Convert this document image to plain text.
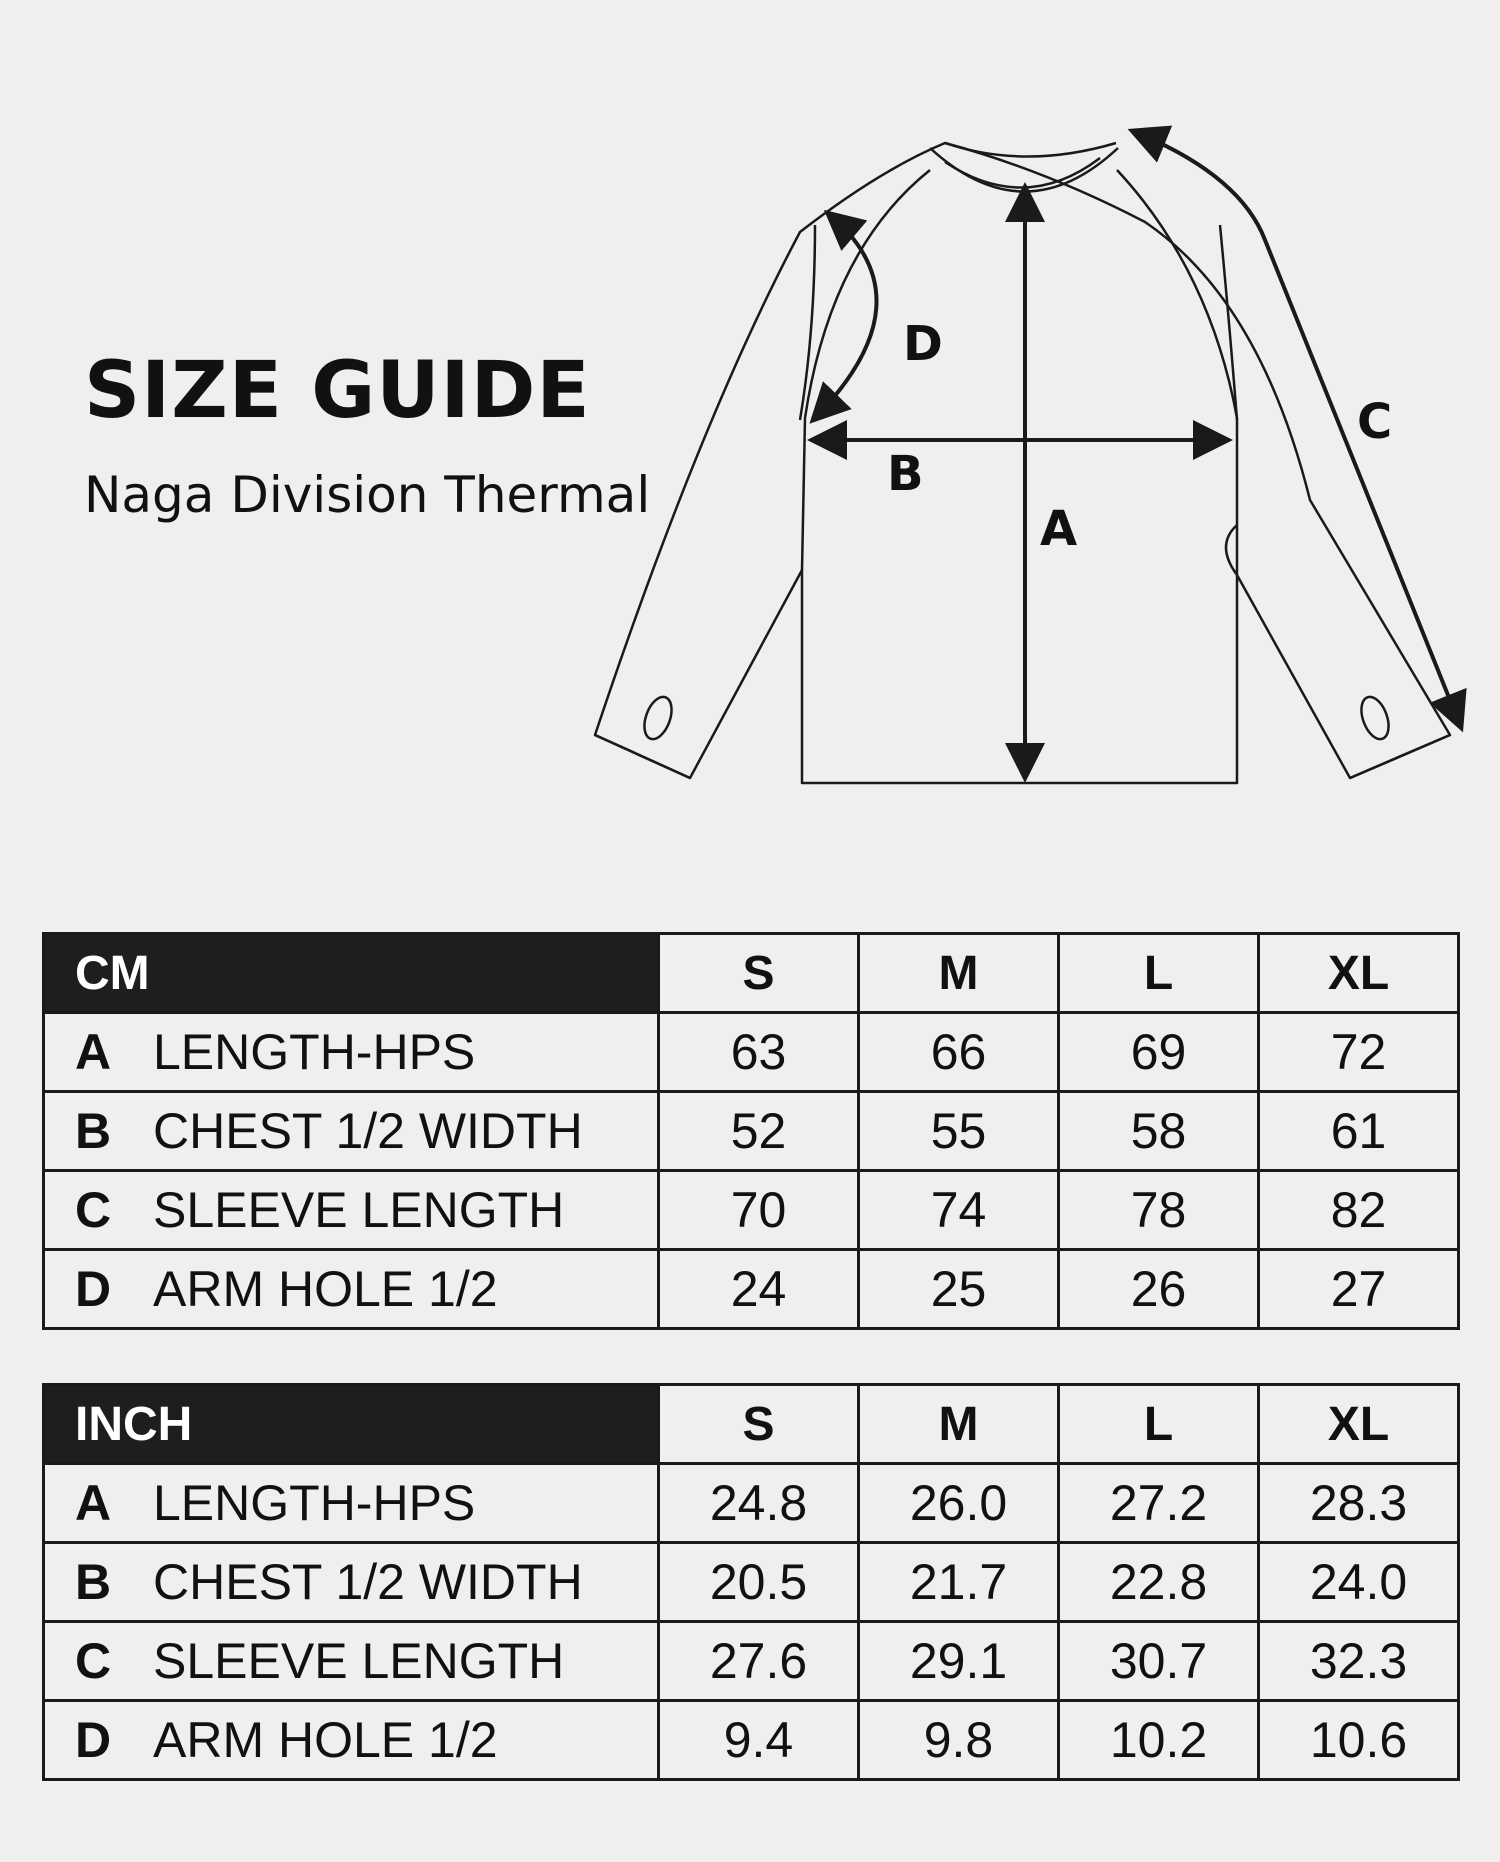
SIZE GUIDE
Naga Division Thermal
A
B
C
D
CM	S	M	L	XL
A LENGTH-HPS	63	66	69	72
B CHEST 1/2 WIDTH	52	55	58	61
C SLEEVE LENGTH	70	74	78	82
D ARM HOLE 1/2	24	25	26	27
INCH	S	M	L	XL
A LENGTH-HPS	24.8	26.0	27.2	28.3
B CHEST 1/2 WIDTH	20.5	21.7	22.8	24.0
C SLEEVE LENGTH	27.6	29.1	30.7	32.3
D ARM HOLE 1/2	9.4	9.8	10.2	10.6
